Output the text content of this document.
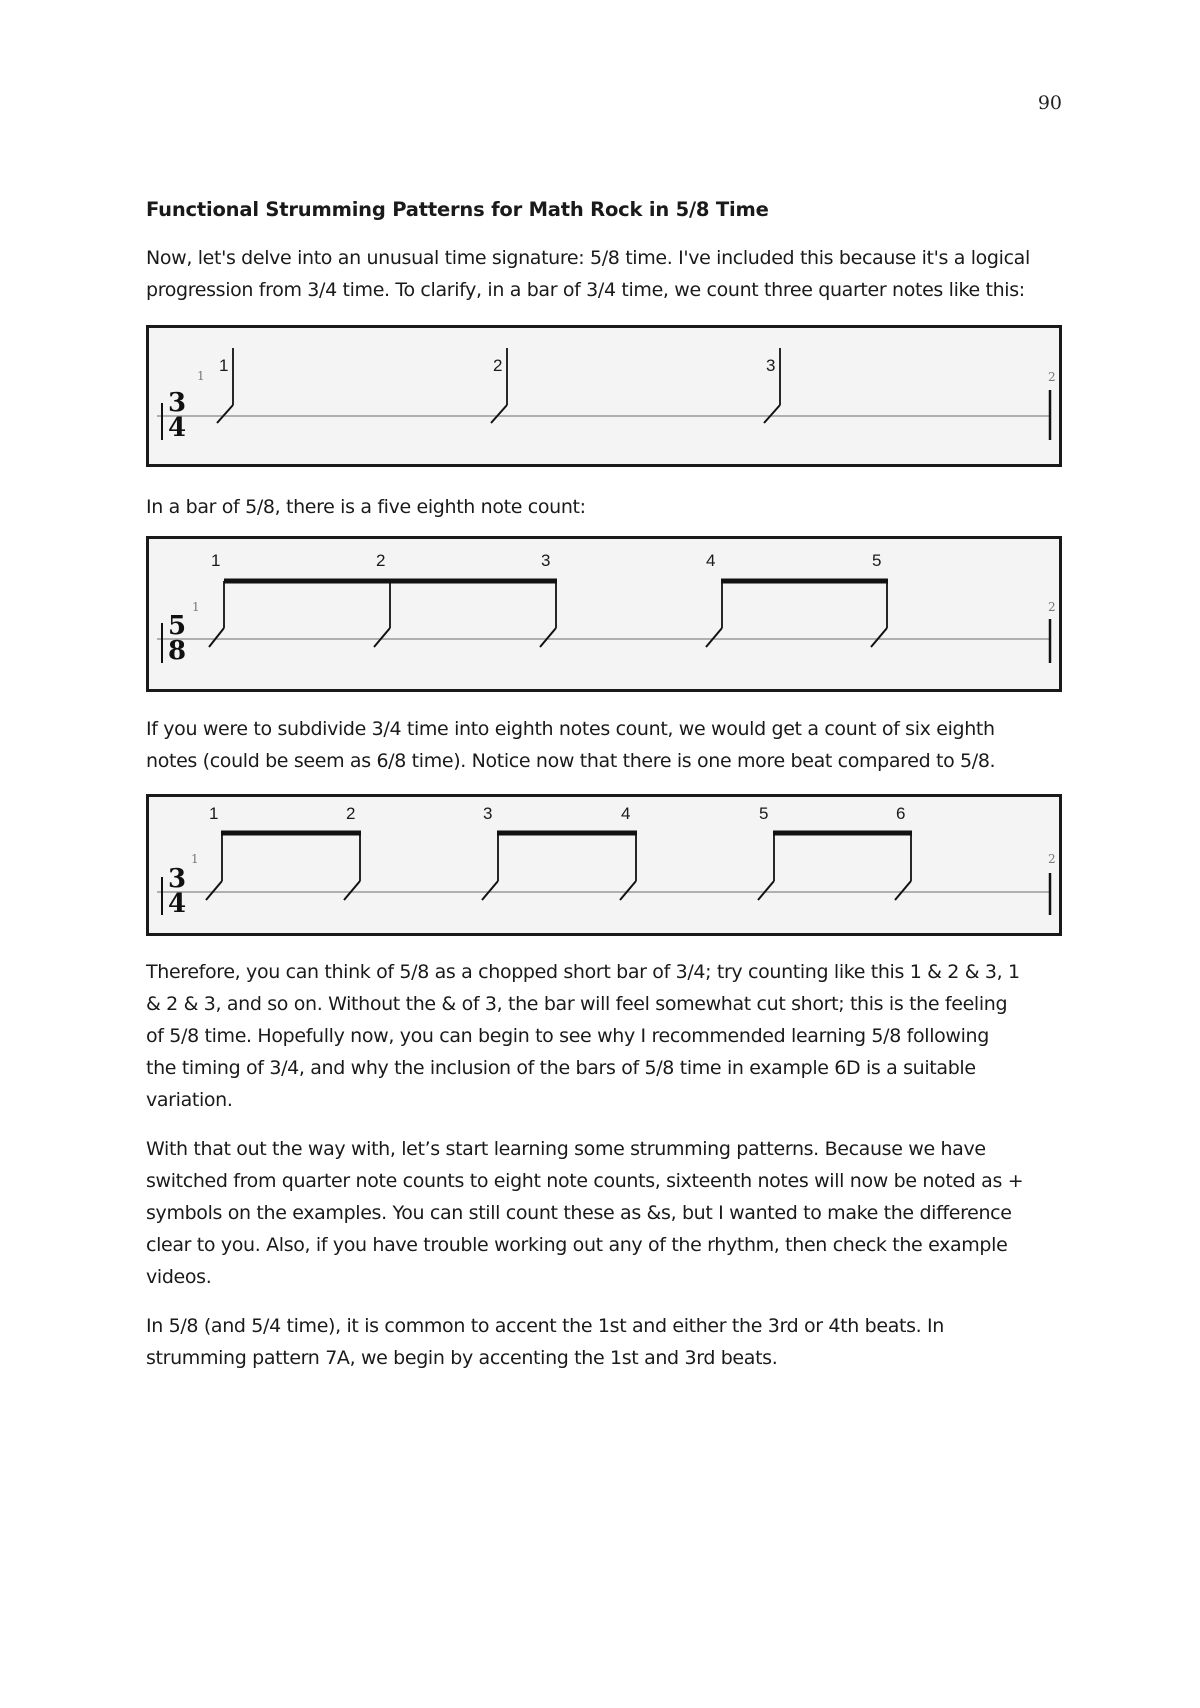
90
Functional Strumming Patterns for Math Rock in 5/8 Time

Now, let's delve into an unusual time signature: 5/8 time. I've included this because it's a logical
progression from 3/4 time. To clarify, in a bar of 3/4 time, we count three quarter notes like this:

3
4
1	2
1	2	3

In a bar of 5/8, there is a five eighth note count:

5
8
1	2
1	2	3	4	5

If you were to subdivide 3/4 time into eighth notes count, we would get a count of six eighth
notes (could be seem as 6/8 time). Notice now that there is one more beat compared to 5/8.

3
4
1	2
1	2	3	4	5	6

Therefore, you can think of 5/8 as a chopped short bar of 3/4; try counting like this 1 & 2 & 3, 1
& 2 & 3, and so on. Without the & of 3, the bar will feel somewhat cut short; this is the feeling
of 5/8 time. Hopefully now, you can begin to see why I recommended learning 5/8 following
the timing of 3/4, and why the inclusion of the bars of 5/8 time in example 6D is a suitable
variation.

With that out the way with, let’s start learning some strumming patterns. Because we have
switched from quarter note counts to eight note counts, sixteenth notes will now be noted as +
symbols on the examples. You can still count these as &s, but I wanted to make the difference
clear to you. Also, if you have trouble working out any of the rhythm, then check the example
videos.

In 5/8 (and 5/4 time), it is common to accent the 1st and either the 3rd or 4th beats. In
strumming pattern 7A, we begin by accenting the 1st and 3rd beats.
